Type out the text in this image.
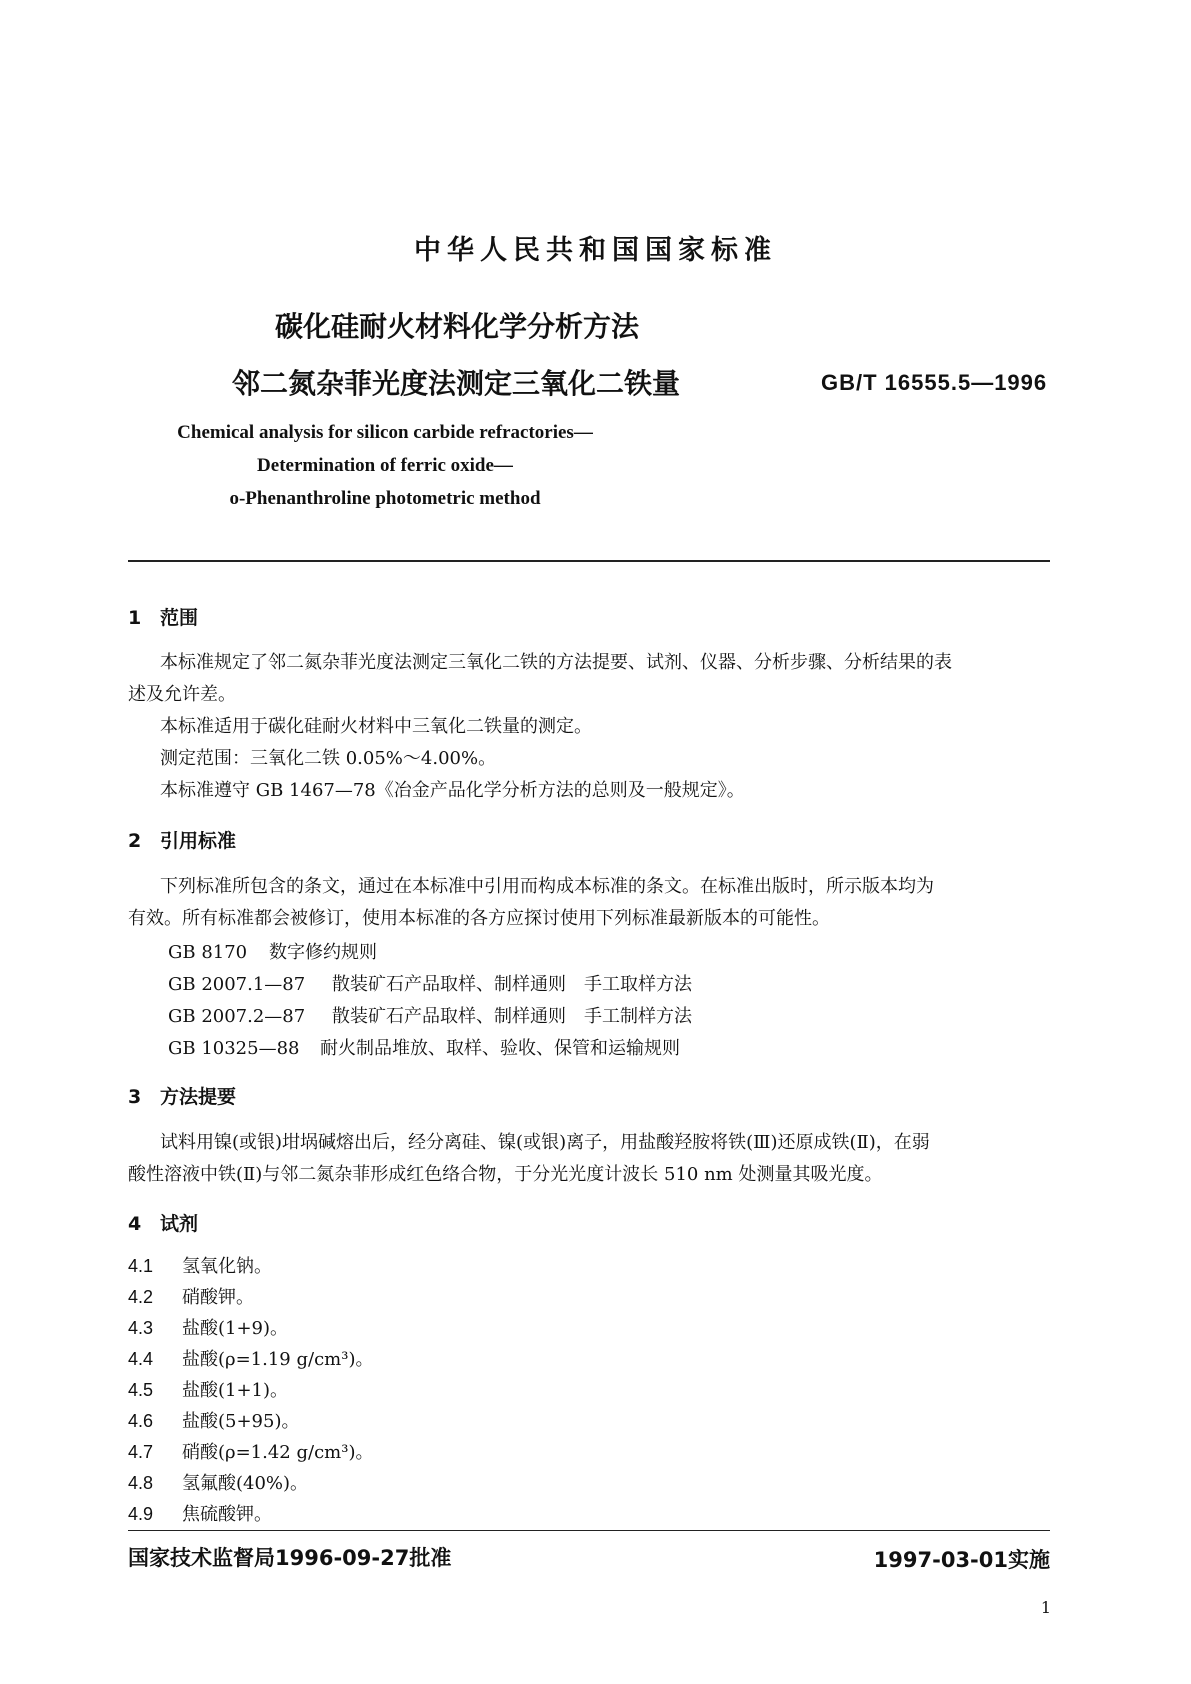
中华人民共和国国家标准
碳化硅耐火材料化学分析方法
邻二氮杂菲光度法测定三氧化二铁量	GB/T 16555.5—1996
Chemical analysis for silicon carbide refractories—
Determination of ferric oxide—
o-Phenanthroline photometric method
1 范围
本标准规定了邻二氮杂菲光度法测定三氧化二铁的方法提要、试剂、仪器、分析步骤、分析结果的表
述及允许差。
本标准适用于碳化硅耐火材料中三氧化二铁量的测定。
测定范围：三氧化二铁 0.05%～4.00%。
本标准遵守 GB 1467—78《冶金产品化学分析方法的总则及一般规定》。
2 引用标准
下列标准所包含的条文，通过在本标准中引用而构成本标准的条文。在标准出版时，所示版本均为
有效。所有标准都会被修订，使用本标准的各方应探讨使用下列标准最新版本的可能性。
GB 8170 数字修约规则
GB 2007.1—87 散装矿石产品取样、制样通则　手工取样方法
GB 2007.2—87 散装矿石产品取样、制样通则　手工制样方法
GB 10325—88 耐火制品堆放、取样、验收、保管和运输规则
3 方法提要
试料用镍(或银)坩埚碱熔出后，经分离硅、镍(或银)离子，用盐酸羟胺将铁(Ⅲ)还原成铁(Ⅱ)，在弱
酸性溶液中铁(Ⅱ)与邻二氮杂菲形成红色络合物，于分光光度计波长 510 nm 处测量其吸光度。
4 试剂
4.1 氢氧化钠。
4.2 硝酸钾。
4.3 盐酸(1+9)。
4.4 盐酸(ρ=1.19 g/cm³)。
4.5 盐酸(1+1)。
4.6 盐酸(5+95)。
4.7 硝酸(ρ=1.42 g/cm³)。
4.8 氢氟酸(40%)。
4.9 焦硫酸钾。
国家技术监督局1996-09-27批准	1997-03-01实施
1
